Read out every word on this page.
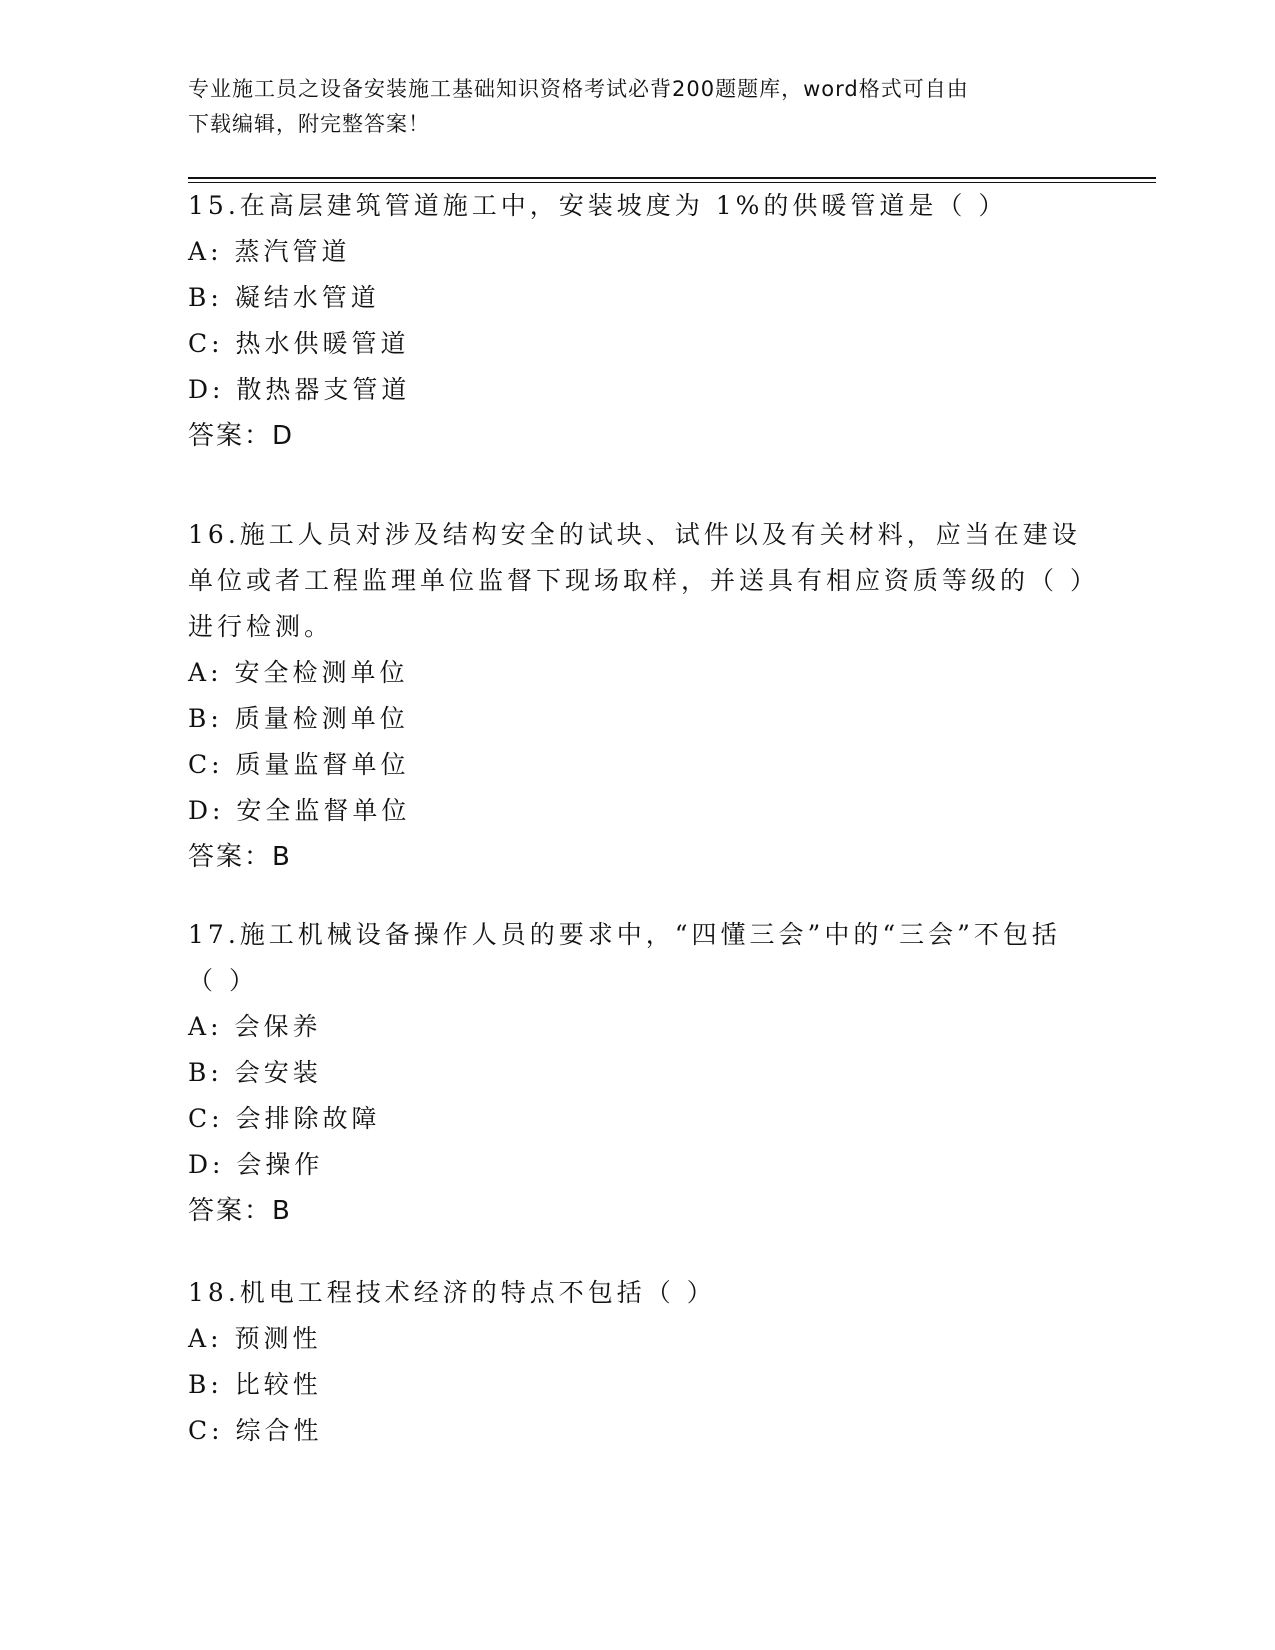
专业施工员之设备安装施工基础知识资格考试必背200题题库，word格式可自由
下载编辑，附完整答案！

15 . 在高层建筑管道施工中，安装坡度为 1%的供暖管道是（ ）

A : 蒸汽管道

B : 凝结水管道

C : 热水供暖管道

D : 散热器支管道

答案：D

16 . 施工人员对涉及结构安全的试块、试件以及有关材料，应当在建设单位或者工程监理单位监督下现场取样，并送具有相应资质等级的（ ）进行检测。

A : 安全检测单位

B : 质量检测单位

C : 质量监督单位

D : 安全监督单位

答案：B

17 . 施工机械设备操作人员的要求中，“四懂三会”中的“三会”不包括（ ）

A : 会保养

B : 会安装

C : 会排除故障

D : 会操作

答案：B

18 . 机电工程技术经济的特点不包括（ ）

A : 预测性

B : 比较性

C : 综合性
